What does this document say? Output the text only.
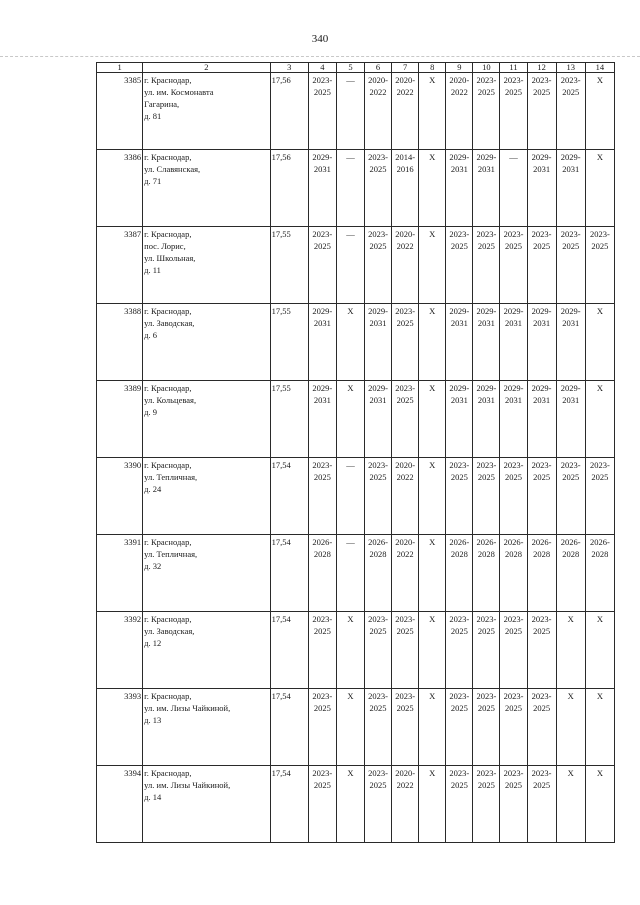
340
1	2	3	4	5	6	7	8	9	10	11	12	13	14
3385	г. Краснодар,
ул. им. Космонавта
Гагарина,
д. 81	17,56	2023-
2025	—	2020-
2022	2020-
2022	Х	2020-
2022	2023-
2025	2023-
2025	2023-
2025	2023-
2025	Х
3386	г. Краснодар,
ул. Славянская,
д. 71	17,56	2029-
2031	—	2023-
2025	2014-
2016	Х	2029-
2031	2029-
2031	—	2029-
2031	2029-
2031	Х
3387	г. Краснодар,
пос. Лорис,
ул. Школьная,
д. 11	17,55	2023-
2025	—	2023-
2025	2020-
2022	Х	2023-
2025	2023-
2025	2023-
2025	2023-
2025	2023-
2025	2023-
2025
3388	г. Краснодар,
ул. Заводская,
д. 6	17,55	2029-
2031	Х	2029-
2031	2023-
2025	Х	2029-
2031	2029-
2031	2029-
2031	2029-
2031	2029-
2031	Х
3389	г. Краснодар,
ул. Кольцевая,
д. 9	17,55	2029-
2031	Х	2029-
2031	2023-
2025	Х	2029-
2031	2029-
2031	2029-
2031	2029-
2031	2029-
2031	Х
3390	г. Краснодар,
ул. Тепличная,
д. 24	17,54	2023-
2025	—	2023-
2025	2020-
2022	Х	2023-
2025	2023-
2025	2023-
2025	2023-
2025	2023-
2025	2023-
2025
3391	г. Краснодар,
ул. Тепличная,
д. 32	17,54	2026-
2028	—	2026-
2028	2020-
2022	Х	2026-
2028	2026-
2028	2026-
2028	2026-
2028	2026-
2028	2026-
2028
3392	г. Краснодар,
ул. Заводская,
д. 12	17,54	2023-
2025	Х	2023-
2025	2023-
2025	Х	2023-
2025	2023-
2025	2023-
2025	2023-
2025	Х	Х
3393	г. Краснодар,
ул. им. Лизы Чайкиной,
д. 13	17,54	2023-
2025	Х	2023-
2025	2023-
2025	Х	2023-
2025	2023-
2025	2023-
2025	2023-
2025	Х	Х
3394	г. Краснодар,
ул. им. Лизы Чайкиной,
д. 14	17,54	2023-
2025	Х	2023-
2025	2020-
2022	Х	2023-
2025	2023-
2025	2023-
2025	2023-
2025	Х	Х
